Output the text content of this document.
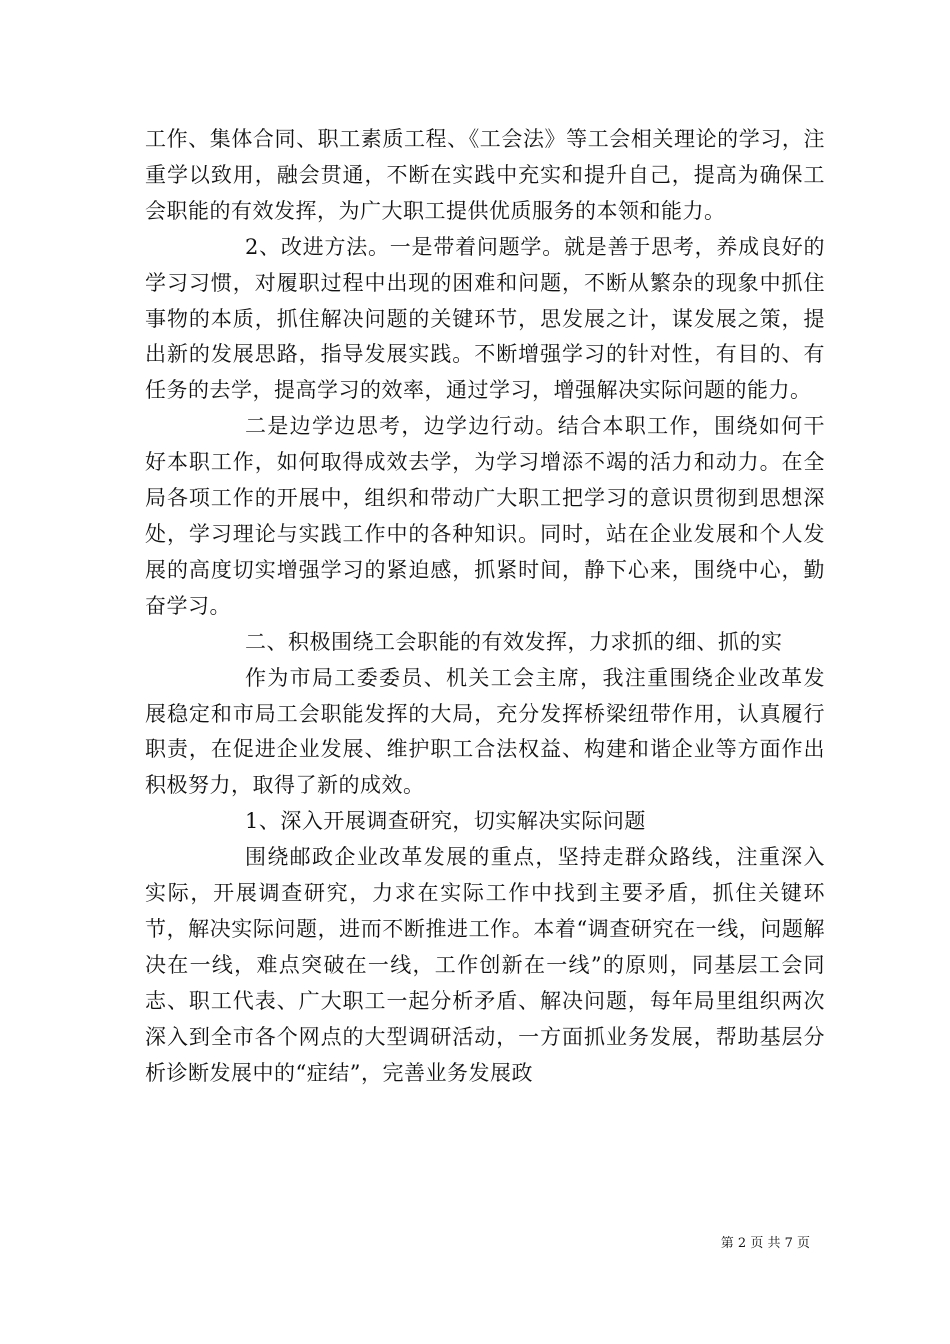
工作、集体合同、职工素质工程、《工会法》等工会相关理论的学习，注重学以致用，融会贯通，不断在实践中充实和提升自己，提高为确保工会职能的有效发挥，为广大职工提供优质服务的本领和能力。

2、改进方法。一是带着问题学。就是善于思考，养成良好的学习习惯，对履职过程中出现的困难和问题，不断从繁杂的现象中抓住事物的本质，抓住解决问题的关键环节，思发展之计，谋发展之策，提出新的发展思路，指导发展实践。不断增强学习的针对性，有目的、有任务的去学，提高学习的效率，通过学习，增强解决实际问题的能力。

二是边学边思考，边学边行动。结合本职工作，围绕如何干好本职工作，如何取得成效去学，为学习增添不竭的活力和动力。在全局各项工作的开展中，组织和带动广大职工把学习的意识贯彻到思想深处，学习理论与实践工作中的各种知识。同时，站在企业发展和个人发展的高度切实增强学习的紧迫感，抓紧时间，静下心来，围绕中心，勤奋学习。

二、积极围绕工会职能的有效发挥，力求抓的细、抓的实

作为市局工委委员、机关工会主席，我注重围绕企业改革发展稳定和市局工会职能发挥的大局，充分发挥桥梁纽带作用，认真履行职责，在促进企业发展、维护职工合法权益、构建和谐企业等方面作出积极努力，取得了新的成效。

1、深入开展调查研究，切实解决实际问题

围绕邮政企业改革发展的重点，坚持走群众路线，注重深入实际，开展调查研究，力求在实际工作中找到主要矛盾，抓住关键环节，解决实际问题，进而不断推进工作。本着“调查研究在一线，问题解决在一线，难点突破在一线，工作创新在一线”的原则，同基层工会同志、职工代表、广大职工一起分析矛盾、解决问题，每年局里组织两次深入到全市各个网点的大型调研活动，一方面抓业务发展，帮助基层分析诊断发展中的“症结”，完善业务发展政

第 2 页 共 7 页
